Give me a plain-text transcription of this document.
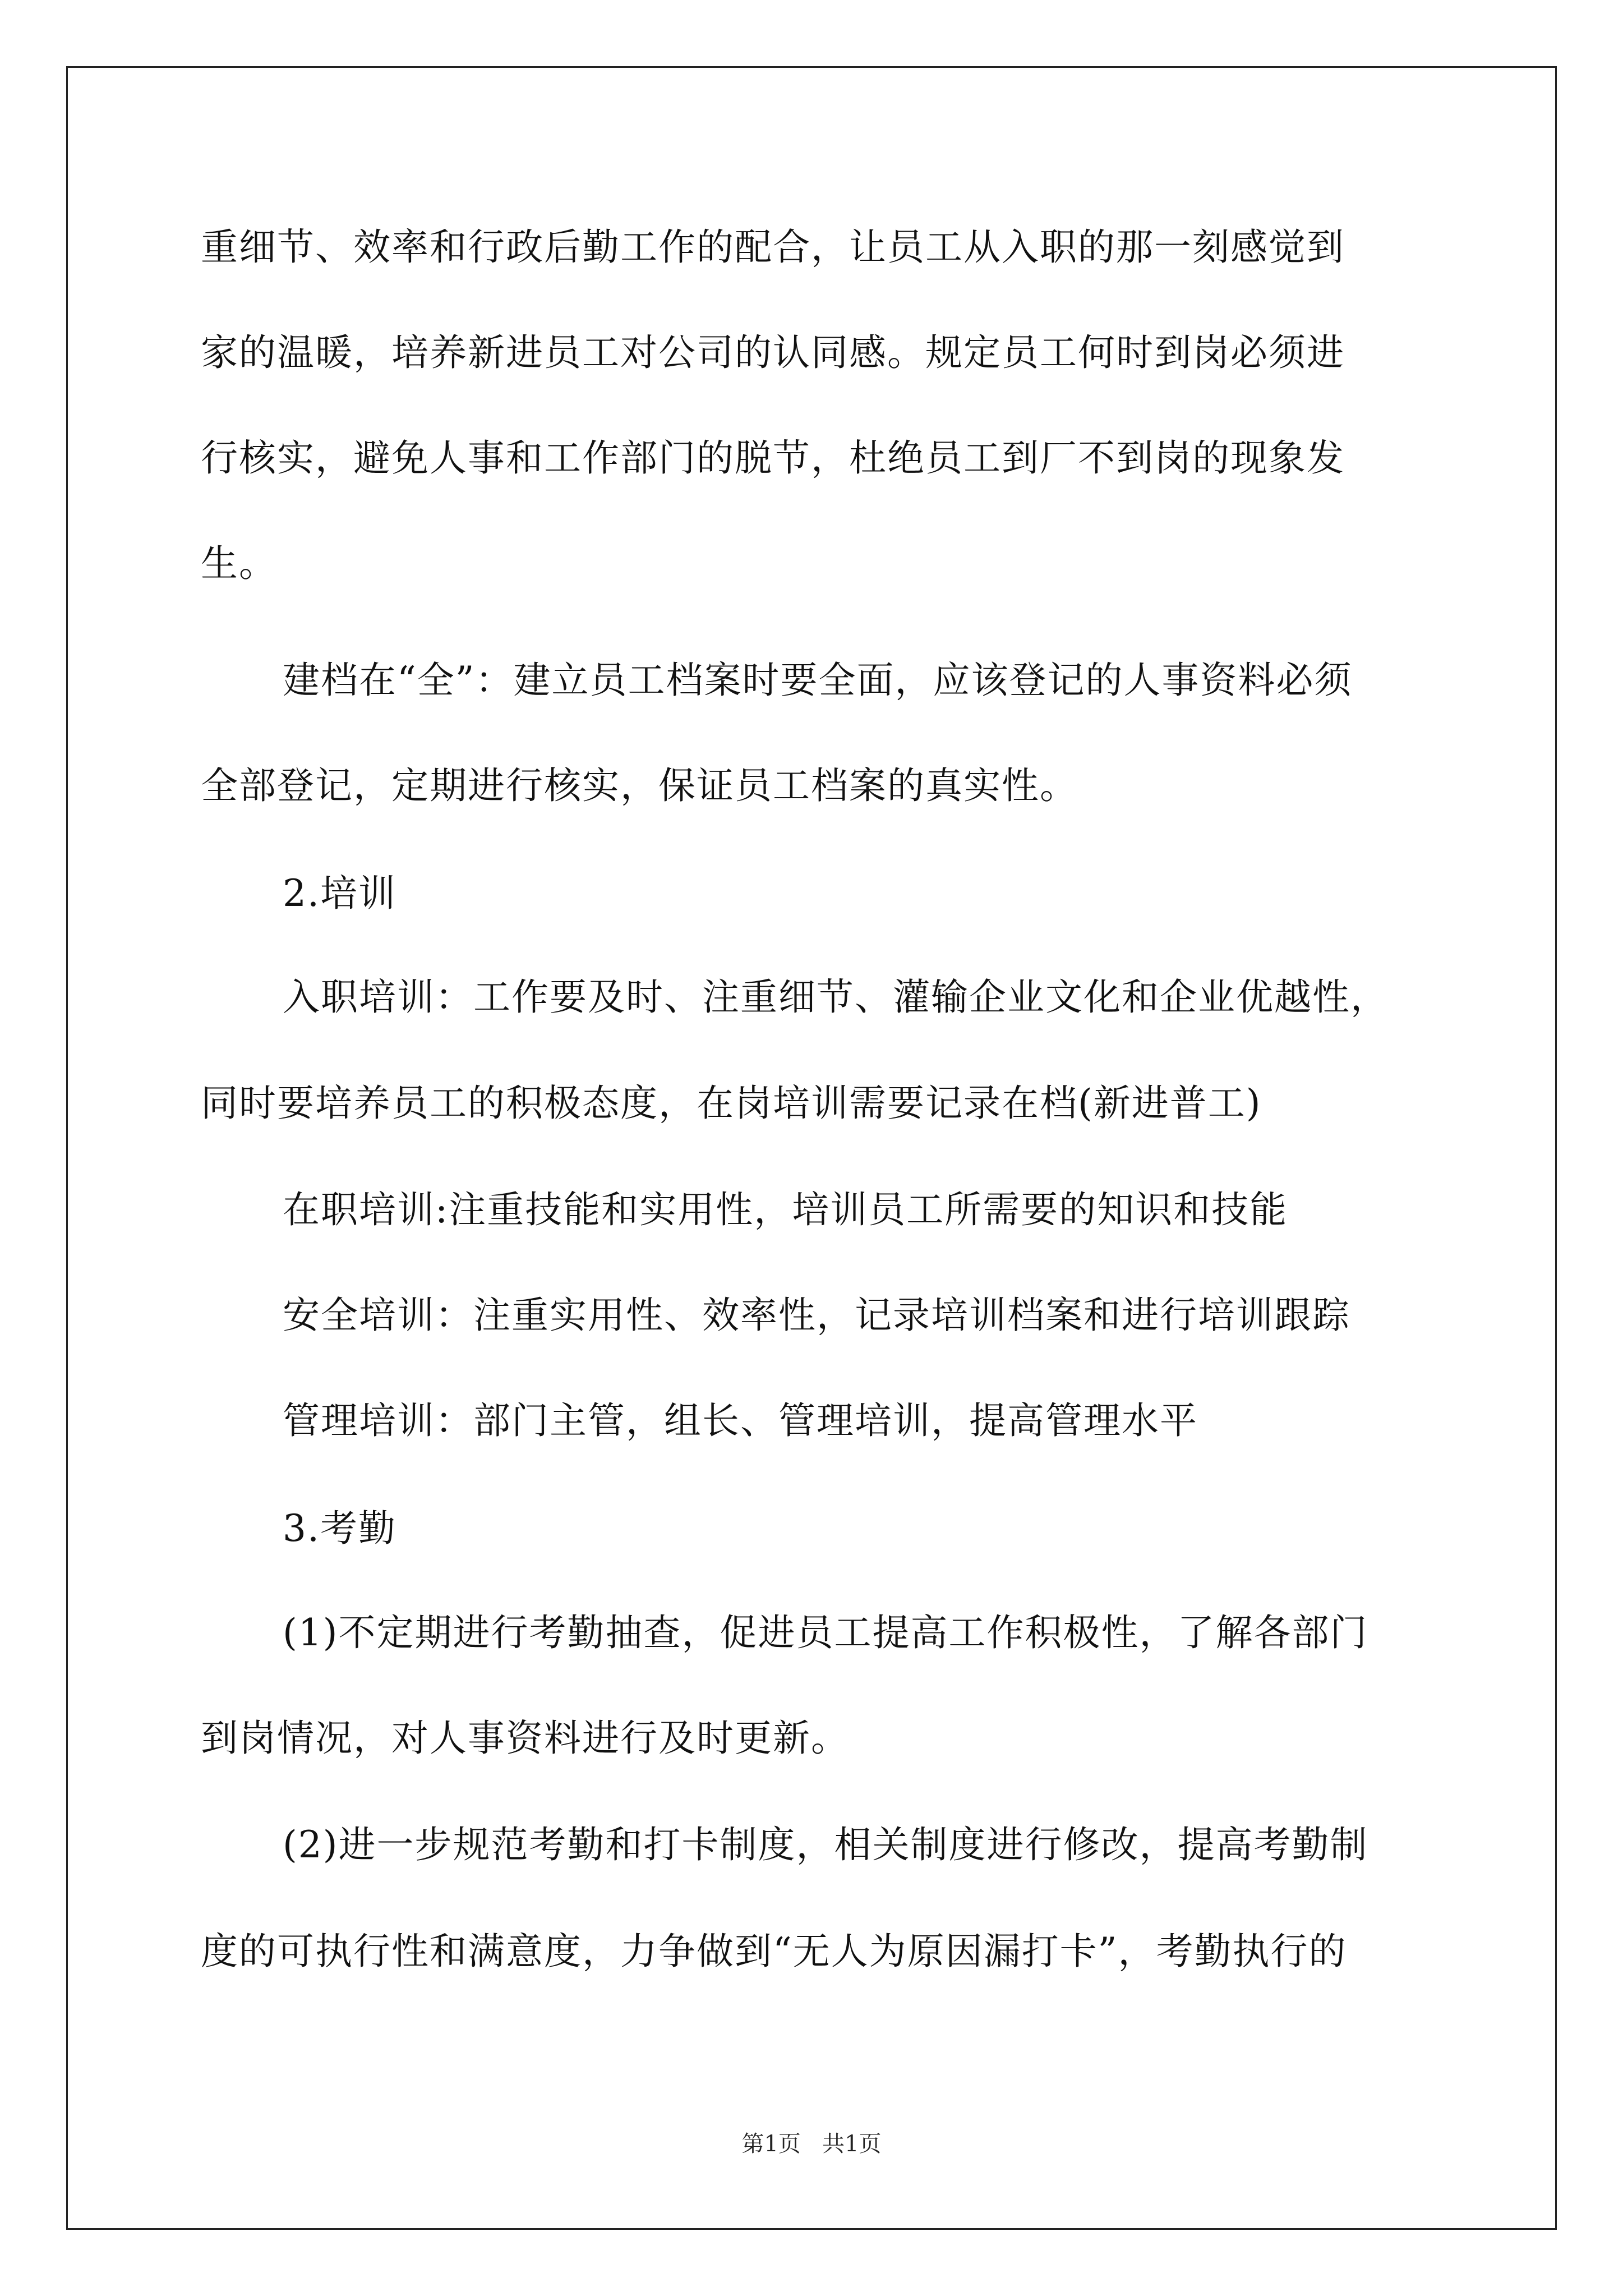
重细节、效率和行政后勤工作的配合，让员工从入职的那一刻感觉到
家的温暖，培养新进员工对公司的认同感。规定员工何时到岗必须进
行核实，避免人事和工作部门的脱节，杜绝员工到厂不到岗的现象发
生。
建档在“全”：建立员工档案时要全面，应该登记的人事资料必须
全部登记，定期进行核实，保证员工档案的真实性。
2.培训
入职培训：工作要及时、注重细节、灌输企业文化和企业优越性，
同时要培养员工的积极态度，在岗培训需要记录在档(新进普工)
在职培训:注重技能和实用性，培训员工所需要的知识和技能
安全培训：注重实用性、效率性，记录培训档案和进行培训跟踪
管理培训：部门主管，组长、管理培训，提高管理水平
3.考勤
(1)不定期进行考勤抽查，促进员工提高工作积极性，了解各部门
到岗情况，对人事资料进行及时更新。
(2)进一步规范考勤和打卡制度，相关制度进行修改，提高考勤制
度的可执行性和满意度，力争做到“无人为原因漏打卡”，考勤执行的
第1页   共1页
